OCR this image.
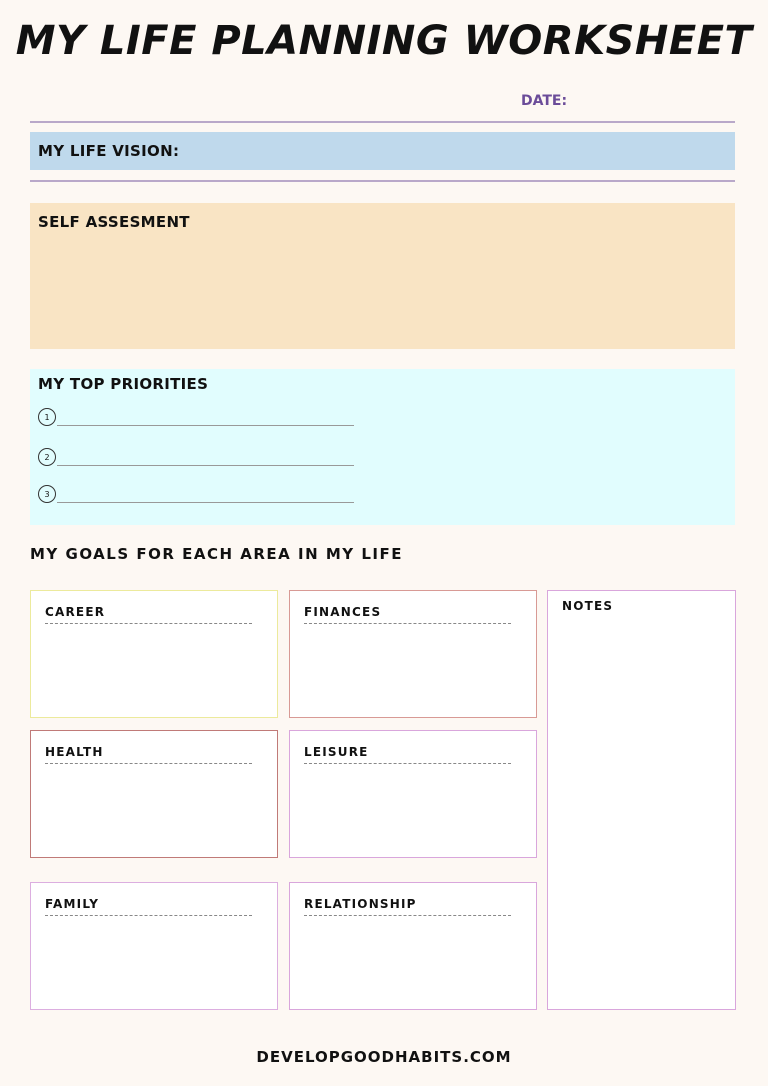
MY LIFE PLANNING WORKSHEET
DATE:
MY LIFE VISION:
SELF ASSESMENT
MY TOP PRIORITIES
1
2
3
MY GOALS FOR EACH AREA IN MY LIFE
CAREER	FINANCES	NOTES
HEALTH	LEISURE
FAMILY	RELATIONSHIP
DEVELOPGOODHABITS.COM
